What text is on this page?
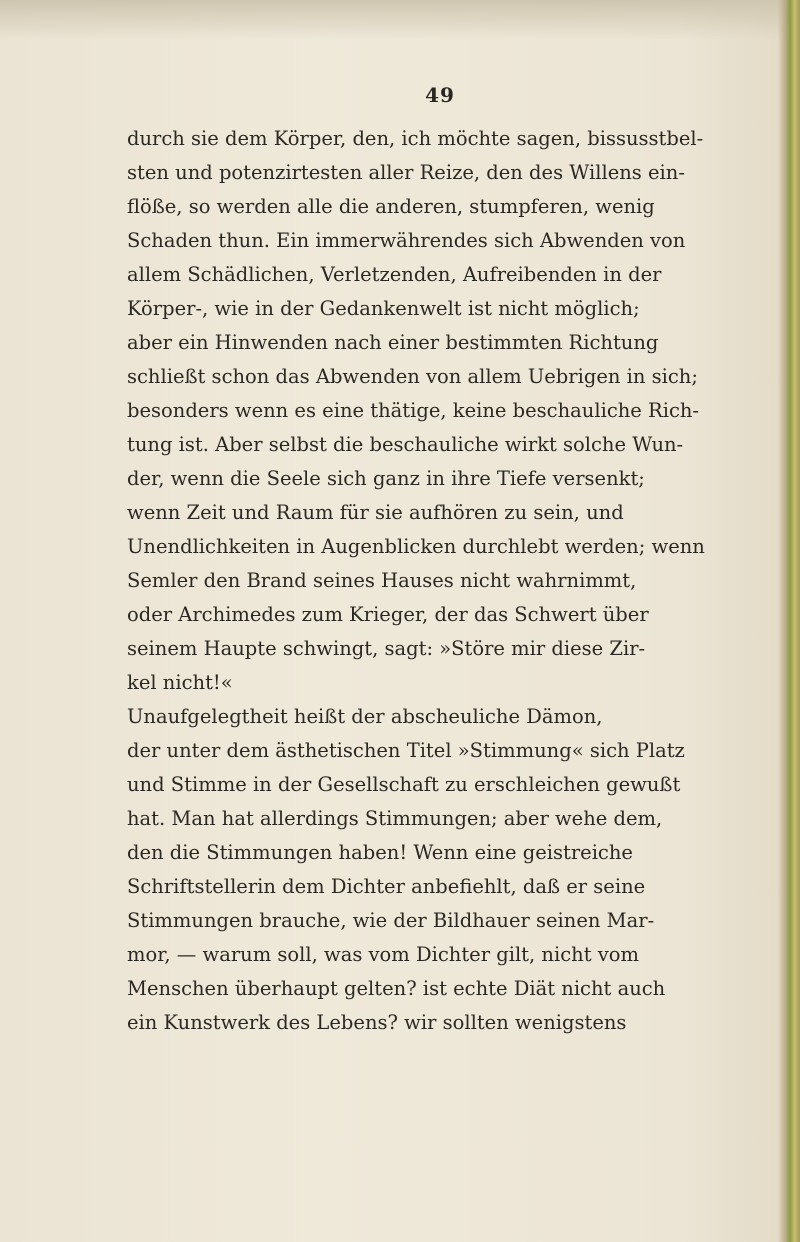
49
durch sie dem Körper, den, ich möchte sagen, bissusstbel-
sten und potenzirtesten aller Reize, den des Willens ein-
flöße, so werden alle die anderen, stumpferen, wenig
Schaden thun. Ein immerwährendes sich Abwenden von
allem Schädlichen, Verletzenden, Aufreibenden in der
Körper-, wie in der Gedankenwelt ist nicht möglich;
aber ein Hinwenden nach einer bestimmten Richtung
schließt schon das Abwenden von allem Uebrigen in sich;
besonders wenn es eine thätige, keine beschauliche Rich-
tung ist. Aber selbst die beschauliche wirkt solche Wun-
der, wenn die Seele sich ganz in ihre Tiefe versenkt;
wenn Zeit und Raum für sie aufhören zu sein, und
Unendlichkeiten in Augenblicken durchlebt werden; wenn
Semler den Brand seines Hauses nicht wahrnimmt,
oder Archimedes zum Krieger, der das Schwert über
seinem Haupte schwingt, sagt: »Störe mir diese Zir-
kel nicht!«
Unaufgelegtheit heißt der abscheuliche Dämon,
der unter dem ästhetischen Titel »Stimmung« sich Platz
und Stimme in der Gesellschaft zu erschleichen gewußt
hat. Man hat allerdings Stimmungen; aber wehe dem,
den die Stimmungen haben! Wenn eine geistreiche
Schriftstellerin dem Dichter anbefiehlt, daß er seine
Stimmungen brauche, wie der Bildhauer seinen Mar-
mor, — warum soll, was vom Dichter gilt, nicht vom
Menschen überhaupt gelten? ist echte Diät nicht auch
ein Kunstwerk des Lebens? wir sollten wenigstens
